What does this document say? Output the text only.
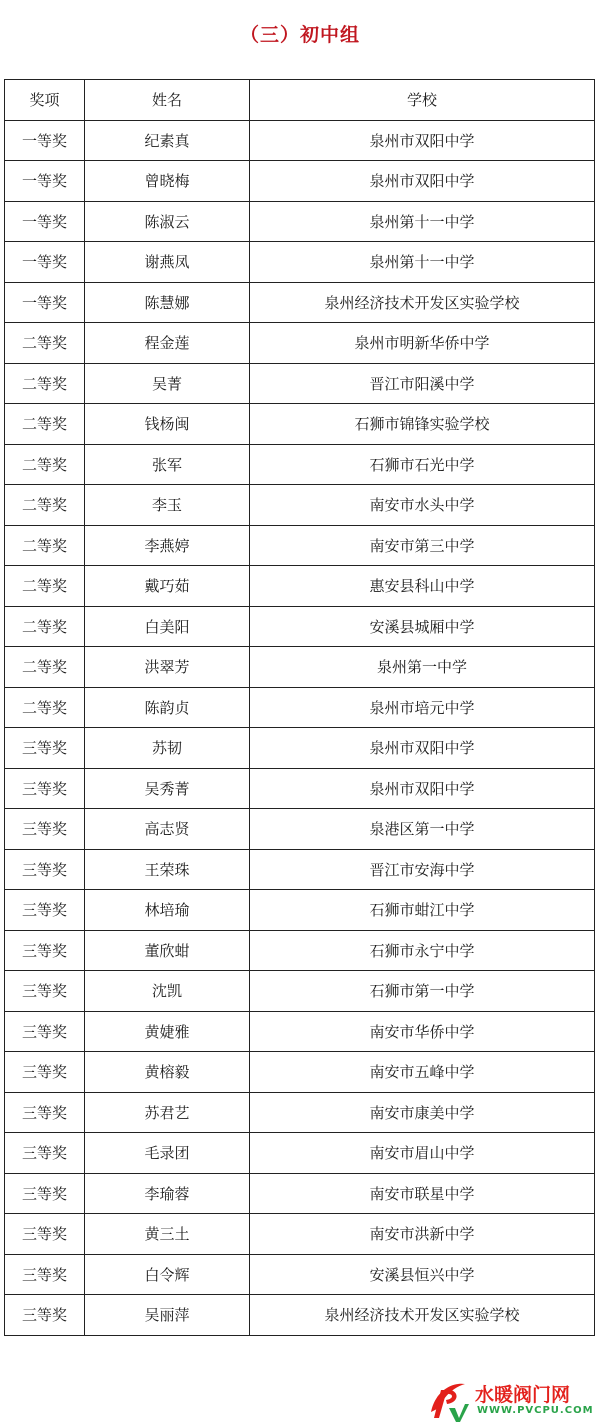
（三）初中组
奖项	姓名	学校
一等奖	纪素真	泉州市双阳中学
一等奖	曾晓梅	泉州市双阳中学
一等奖	陈淑云	泉州第十一中学
一等奖	谢燕凤	泉州第十一中学
一等奖	陈慧娜	泉州经济技术开发区实验学校
二等奖	程金莲	泉州市明新华侨中学
二等奖	吴菁	晋江市阳溪中学
二等奖	钱杨闽	石狮市锦锋实验学校
二等奖	张军	石狮市石光中学
二等奖	李玉	南安市水头中学
二等奖	李燕婷	南安市第三中学
二等奖	戴巧茹	惠安县科山中学
二等奖	白美阳	安溪县城厢中学
二等奖	洪翠芳	泉州第一中学
二等奖	陈韵贞	泉州市培元中学
三等奖	苏韧	泉州市双阳中学
三等奖	吴秀菁	泉州市双阳中学
三等奖	高志贤	泉港区第一中学
三等奖	王荣珠	晋江市安海中学
三等奖	林培瑜	石狮市蚶江中学
三等奖	董欣蚶	石狮市永宁中学
三等奖	沈凯	石狮市第一中学
三等奖	黄婕雅	南安市华侨中学
三等奖	黄榕毅	南安市五峰中学
三等奖	苏君艺	南安市康美中学
三等奖	毛录团	南安市眉山中学
三等奖	李瑜蓉	南安市联星中学
三等奖	黄三土	南安市洪新中学
三等奖	白令辉	安溪县恒兴中学
三等奖	吴丽萍	泉州经济技术开发区实验学校
水暖阀门网
WWW.PVCPU.COM
